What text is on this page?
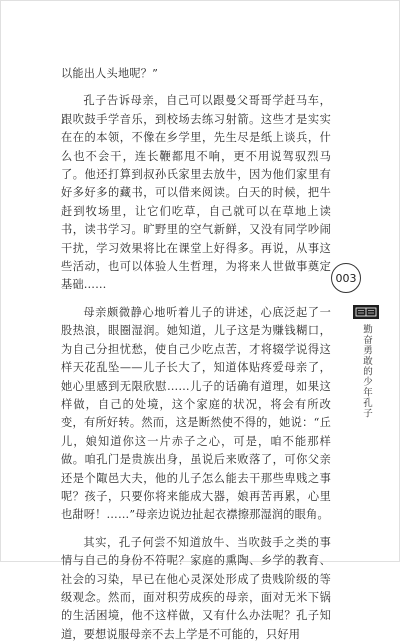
以能出人头地呢？”

孔子告诉母亲，自己可以跟曼父哥哥学赶马车，跟吹鼓手学音乐，到校场去练习射箭。这些才是实实在在的本领，不像在乡学里，先生尽是纸上谈兵，什么也不会干，连长鞭都甩不响，更不用说驾驭烈马了。他还打算到叔孙氏家里去放牛，因为他们家里有好多好多的藏书，可以借来阅读。白天的时候，把牛赶到牧场里，让它们吃草，自己就可以在草地上读书，读书学习。旷野里的空气新鲜，又没有同学吵闹干扰，学习效果将比在课堂上好得多。再说，从事这些活动，也可以体验人生哲理，为将来人世做事奠定基础……

母亲颇微静心地听着儿子的讲述，心底泛起了一股热浪，眼圈湿润。她知道，儿子这是为赚钱糊口，为自己分担忧愁，使自己少吃点苦，才将辍学说得这样天花乱坠——儿子长大了，知道体贴疼爱母亲了，她心里感到无限欣慰……儿子的话确有道理，如果这样做，自己的处境，这个家庭的状况，将会有所改变，有所好转。然而，这是断然使不得的，她说：“丘儿，娘知道你这一片赤子之心，可是，咱不能那样做。咱孔门是贵族出身，虽说后来败落了，可你父亲还是个陬邑大夫，他的儿子怎么能去干那些卑贱之事呢？孩子，只要你将来能成大器，娘再苦再累，心里也甜呀！……”母亲边说边扯起衣襟擦那湿润的眼角。

其实，孔子何尝不知道放牛、当吹鼓手之类的事情与自己的身份不符呢？家庭的熏陶、乡学的教育、社会的习染，早已在他心灵深处形成了贵贱阶级的等级观念。然而，面对积劳成疾的母亲，面对无米下锅的生活困境，他不这样做，又有什么办法呢？孔子知道，要想说服母亲不去上学是不可能的，只好用

003
勤奋勇敢的少年孔子
